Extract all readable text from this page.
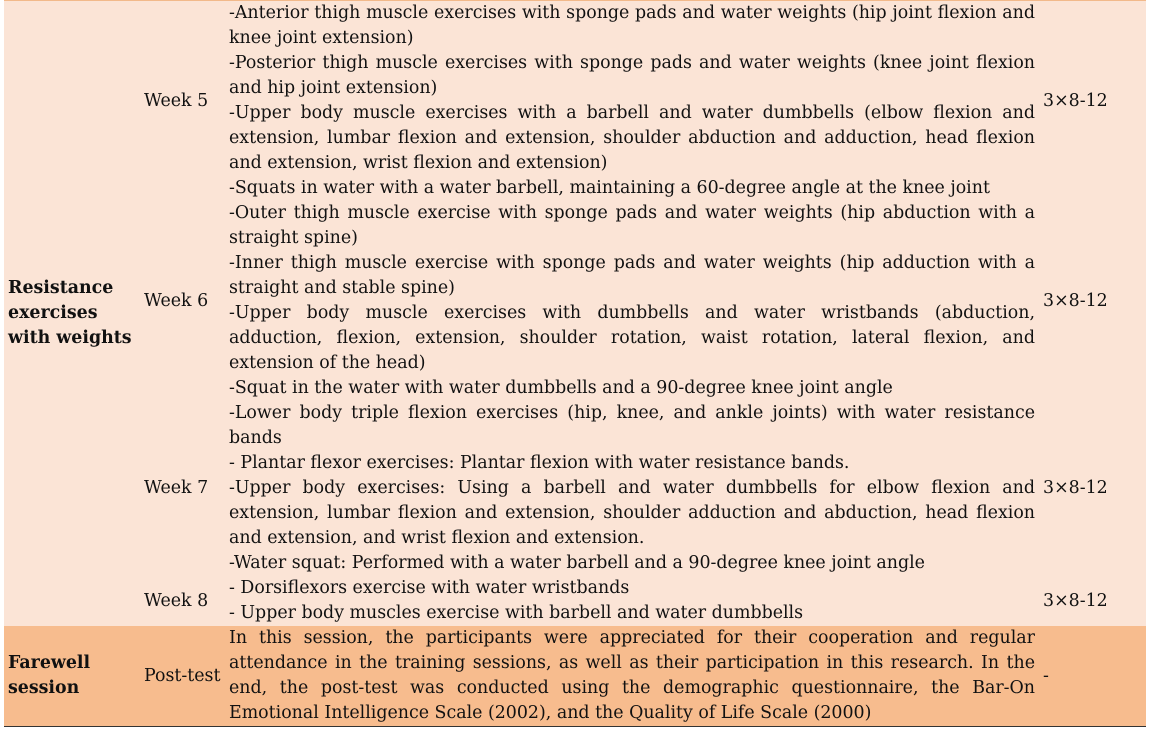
Resistance exercises with weights	Week 5	-Anterior thigh muscle exercises with sponge pads and water weights (hip joint flexion and knee joint extension)
-Posterior thigh muscle exercises with sponge pads and water weights (knee joint flexion and hip joint extension)
-Upper body muscle exercises with a barbell and water dumbbells (elbow flexion and extension, lumbar flexion and extension, shoulder abduction and adduction, head flexion and extension, wrist flexion and extension)
-Squats in water with a water barbell, maintaining a 60-degree angle at the knee joint	3×8-12
	Week 6	-Outer thigh muscle exercise with sponge pads and water weights (hip abduction with a straight spine)
-Inner thigh muscle exercise with sponge pads and water weights (hip adduction with a straight and stable spine)
-Upper body muscle exercises with dumbbells and water wristbands (abduction, adduction, flexion, extension, shoulder rotation, waist rotation, lateral flexion, and extension of the head)
-Squat in the water with water dumbbells and a 90-degree knee joint angle	3×8-12
	Week 7	-Lower body triple flexion exercises (hip, knee, and ankle joints) with water resistance bands
- Plantar flexor exercises: Plantar flexion with water resistance bands.
-Upper body exercises: Using a barbell and water dumbbells for elbow flexion and extension, lumbar flexion and extension, shoulder adduction and abduction, head flexion and extension, and wrist flexion and extension.
-Water squat: Performed with a water barbell and a 90-degree knee joint angle	3×8-12
	Week 8	- Dorsiflexors exercise with water wristbands
- Upper body muscles exercise with barbell and water dumbbells	3×8-12
Farewell session	Post-test	In this session, the participants were appreciated for their cooperation and regular attendance in the training sessions, as well as their participation in this research. In the end, the post-test was conducted using the demographic questionnaire, the Bar-On Emotional Intelligence Scale (2002), and the Quality of Life Scale (2000)	-
